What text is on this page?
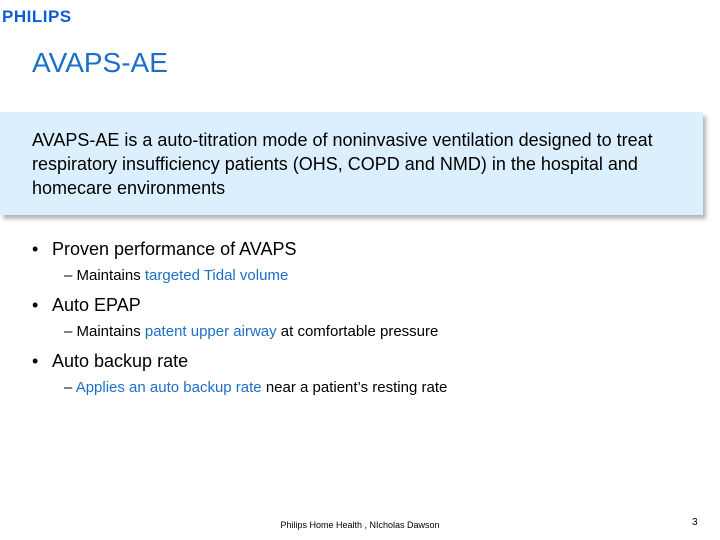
PHILIPS
AVAPS-AE
AVAPS-AE is a auto-titration mode of noninvasive ventilation designed to treat respiratory insufficiency patients (OHS, COPD and NMD) in the hospital and homecare environments
• Proven performance of AVAPS
– Maintains targeted Tidal volume
• Auto EPAP
– Maintains patent upper airway at comfortable pressure
• Auto backup rate
– Applies an auto backup rate near a patient’s resting rate
Philips Home Health , NIcholas Dawson	3
